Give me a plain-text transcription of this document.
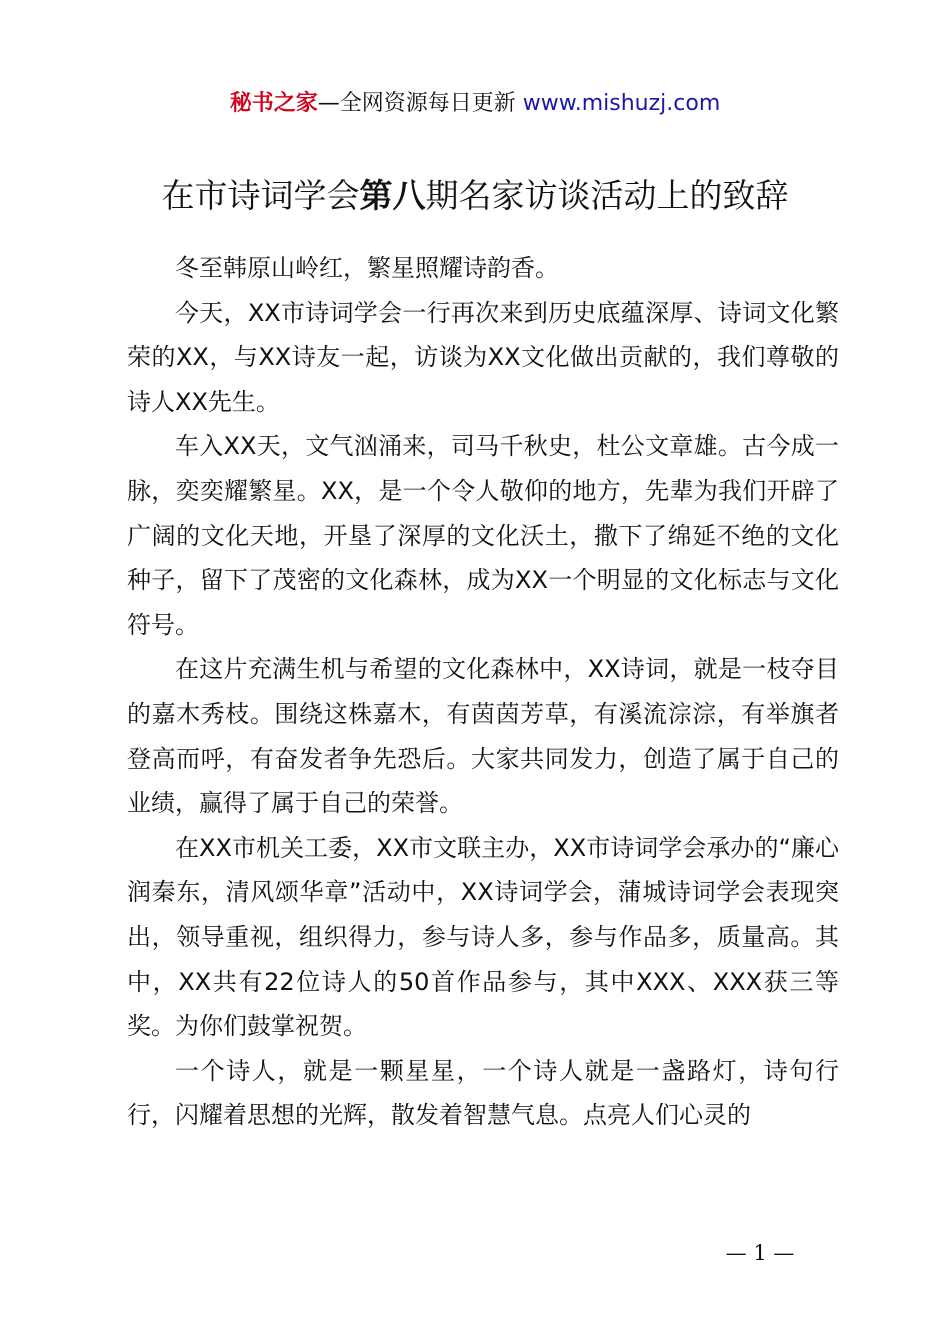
秘书之家—全网资源每日更新 www.mishuzj.com
在市诗词学会第八期名家访谈活动上的致辞

冬至韩原山岭红，繁星照耀诗韵香。

今天，XX市诗词学会一行再次来到历史底蕴深厚、诗词文化繁荣的XX，与XX诗友一起，访谈为XX文化做出贡献的，我们尊敬的诗人XX先生。

车入XX天，文气汹涌来，司马千秋史，杜公文章雄。古今成一脉，奕奕耀繁星。XX，是一个令人敬仰的地方，先辈为我们开辟了广阔的文化天地，开垦了深厚的文化沃土，撒下了绵延不绝的文化种子，留下了茂密的文化森林，成为XX一个明显的文化标志与文化符号。

在这片充满生机与希望的文化森林中，XX诗词，就是一枝夺目的嘉木秀枝。围绕这株嘉木，有茵茵芳草，有溪流淙淙，有举旗者登高而呼，有奋发者争先恐后。大家共同发力，创造了属于自己的业绩，赢得了属于自己的荣誉。

在XX市机关工委，XX市文联主办，XX市诗词学会承办的“廉心润秦东，清风颂华章”活动中，XX诗词学会，蒲城诗词学会表现突出，领导重视，组织得力，参与诗人多，参与作品多，质量高。其中，XX共有22位诗人的50首作品参与，其中XXX、XXX获三等奖。为你们鼓掌祝贺。

一个诗人，就是一颗星星，一个诗人就是一盏路灯，诗句行行，闪耀着思想的光辉，散发着智慧气息。点亮人们心灵的

— 1 —
